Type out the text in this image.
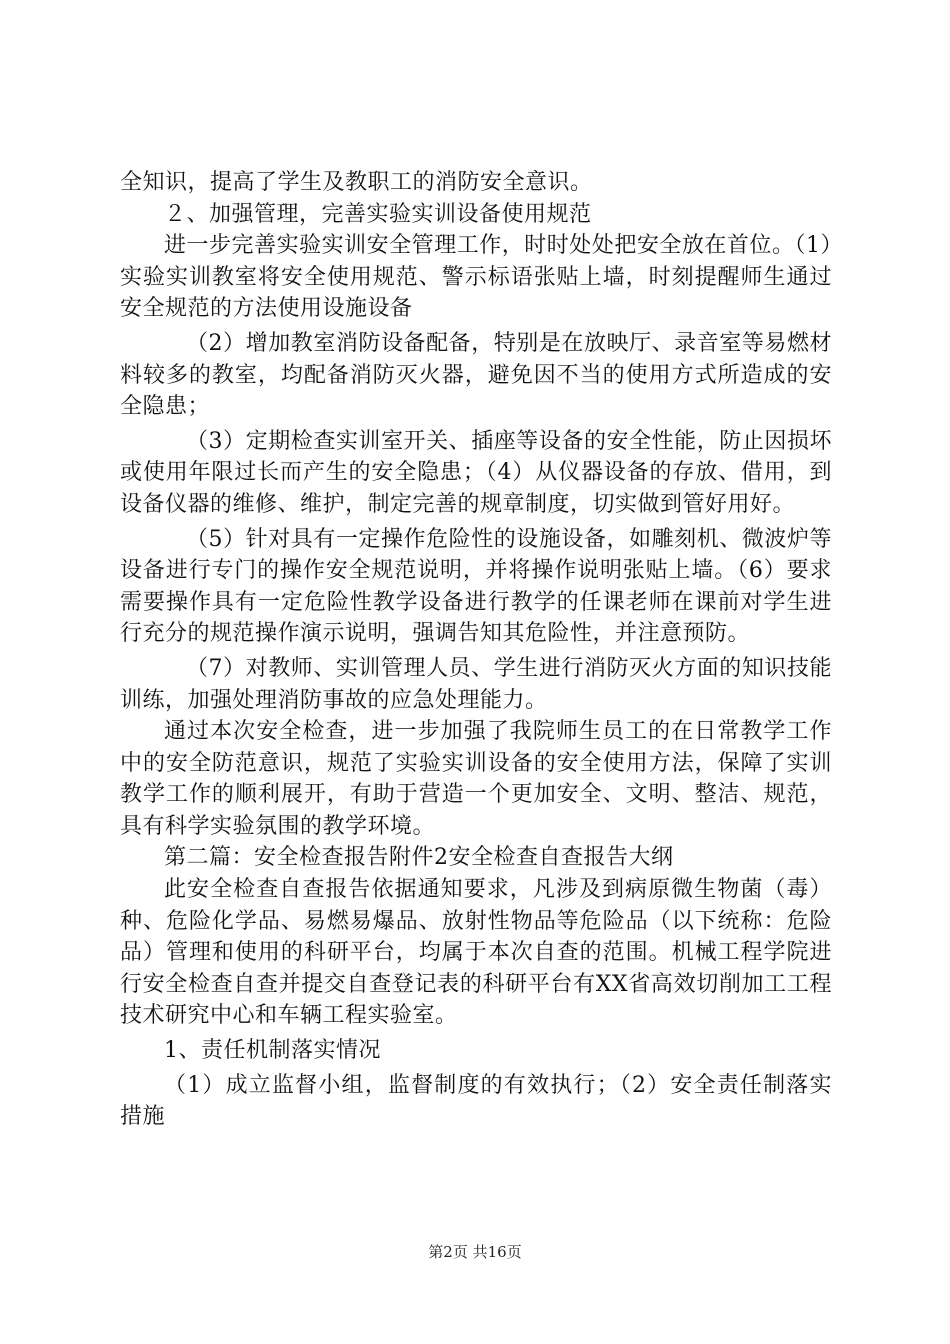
全知识，提高了学生及教职工的消防安全意识。

２、加强管理，完善实验实训设备使用规范

进一步完善实验实训安全管理工作，时时处处把安全放在首位。（1）实验实训教室将安全使用规范、警示标语张贴上墙，时刻提醒师生通过安全规范的方法使用设施设备

（2）增加教室消防设备配备，特别是在放映厅、录音室等易燃材料较多的教室，均配备消防灭火器，避免因不当的使用方式所造成的安全隐患；

（3）定期检查实训室开关、插座等设备的安全性能，防止因损坏或使用年限过长而产生的安全隐患；（4）从仪器设备的存放、借用，到设备仪器的维修、维护，制定完善的规章制度，切实做到管好用好。

（5）针对具有一定操作危险性的设施设备，如雕刻机、微波炉等设备进行专门的操作安全规范说明，并将操作说明张贴上墙。（6）要求需要操作具有一定危险性教学设备进行教学的任课老师在课前对学生进行充分的规范操作演示说明，强调告知其危险性，并注意预防。

（7）对教师、实训管理人员、学生进行消防灭火方面的知识技能训练，加强处理消防事故的应急处理能力。

通过本次安全检查，进一步加强了我院师生员工的在日常教学工作中的安全防范意识，规范了实验实训设备的安全使用方法，保障了实训教学工作的顺利展开，有助于营造一个更加安全、文明、整洁、规范，具有科学实验氛围的教学环境。

第二篇：安全检查报告附件2安全检查自查报告大纲

此安全检查自查报告依据通知要求，凡涉及到病原微生物菌（毒）种、危险化学品、易燃易爆品、放射性物品等危险品（以下统称：危险品）管理和使用的科研平台，均属于本次自查的范围。机械工程学院进行安全检查自查并提交自查登记表的科研平台有XX省高效切削加工工程技术研究中心和车辆工程实验室。

1、责任机制落实情况

（1）成立监督小组，监督制度的有效执行；（2）安全责任制落实措施

第2页 共16页
